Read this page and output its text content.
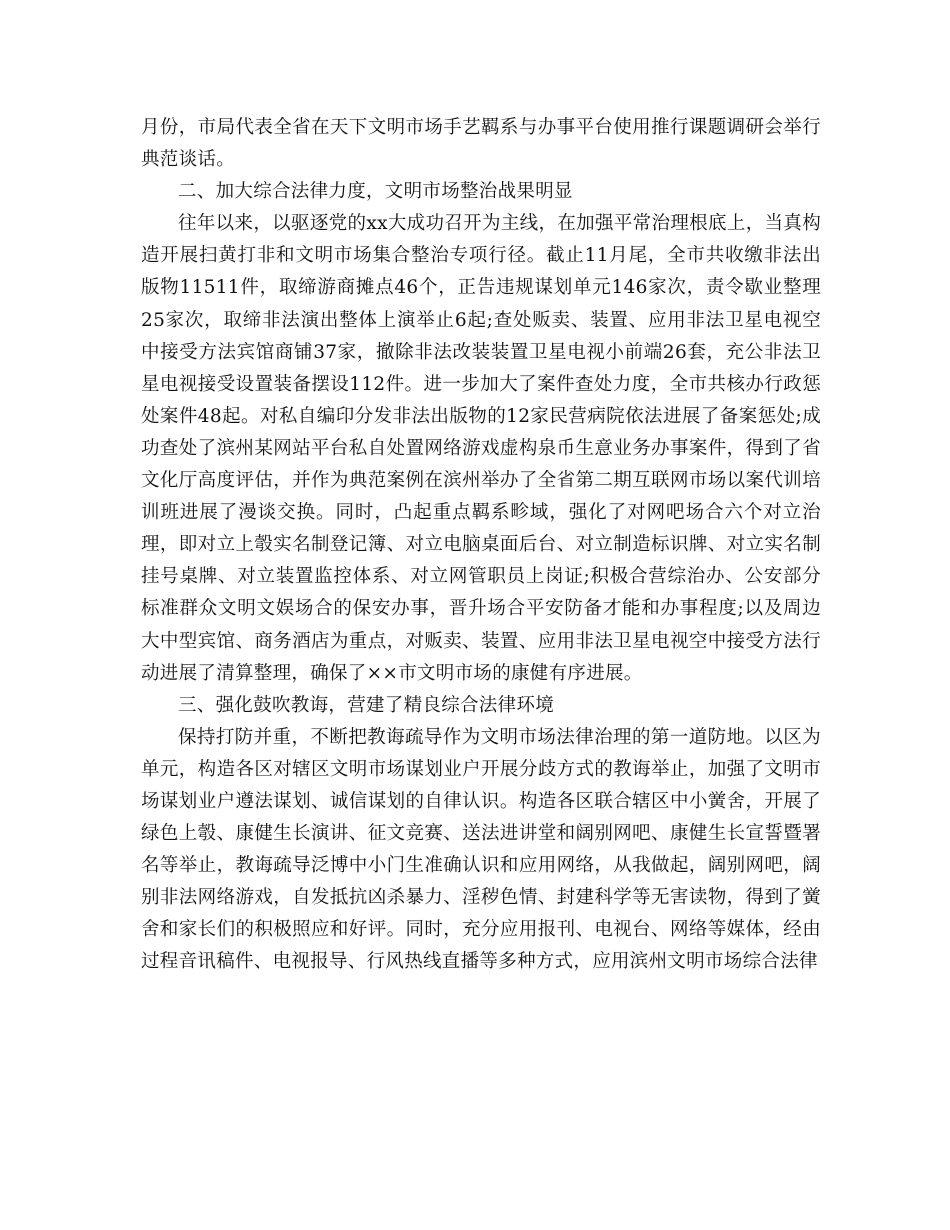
月份，市局代表全省在天下文明市场手艺羁系与办事平台使用推行课题调研会举行典范谈话。

二、加大综合法律力度，文明市场整治战果明显

往年以来，以驱逐党的xx大成功召开为主线，在加强平常治理根底上，当真构造开展扫黄打非和文明市场集合整治专项行径。截止11月尾，全市共收缴非法出版物11511件，取缔游商摊点46个，正告违规谋划单元146家次，责令歇业整理25家次，取缔非法演出整体上演举止6起;查处贩卖、装置、应用非法卫星电视空中接受方法宾馆商铺37家，撤除非法改装装置卫星电视小前端26套，充公非法卫星电视接受设置装备摆设112件。进一步加大了案件查处力度，全市共核办行政惩处案件48起。对私自编印分发非法出版物的12家民营病院依法进展了备案惩处;成功查处了滨州某网站平台私自处置网络游戏虚构泉币生意业务办事案件，得到了省文化厅高度评估，并作为典范案例在滨州举办了全省第二期互联网市场以案代训培训班进展了漫谈交换。同时，凸起重点羁系畛域，强化了对网吧场合六个对立治理，即对立上彀实名制登记簿、对立电脑桌面后台、对立制造标识牌、对立实名制挂号桌牌、对立装置监控体系、对立网管职员上岗证;积极合营综治办、公安部分标准群众文明文娱场合的保安办事，晋升场合平安防备才能和办事程度;以及周边大中型宾馆、商务酒店为重点，对贩卖、装置、应用非法卫星电视空中接受方法行动进展了清算整理，确保了××市文明市场的康健有序进展。

三、强化鼓吹教诲，营建了精良综合法律环境

保持打防并重，不断把教诲疏导作为文明市场法律治理的第一道防地。以区为单元，构造各区对辖区文明市场谋划业户开展分歧方式的教诲举止，加强了文明市场谋划业户遵法谋划、诚信谋划的自律认识。构造各区联合辖区中小黉舍，开展了绿色上彀、康健生长演讲、征文竞赛、送法进讲堂和阔别网吧、康健生长宣誓暨署名等举止，教诲疏导泛博中小门生准确认识和应用网络，从我做起，阔别网吧，阔别非法网络游戏，自发抵抗凶杀暴力、淫秽色情、封建科学等无害读物，得到了黉舍和家长们的积极照应和好评。同时，充分应用报刊、电视台、网络等媒体，经由过程音讯稿件、电视报导、行风热线直播等多种方式，应用滨州文明市场综合法律
